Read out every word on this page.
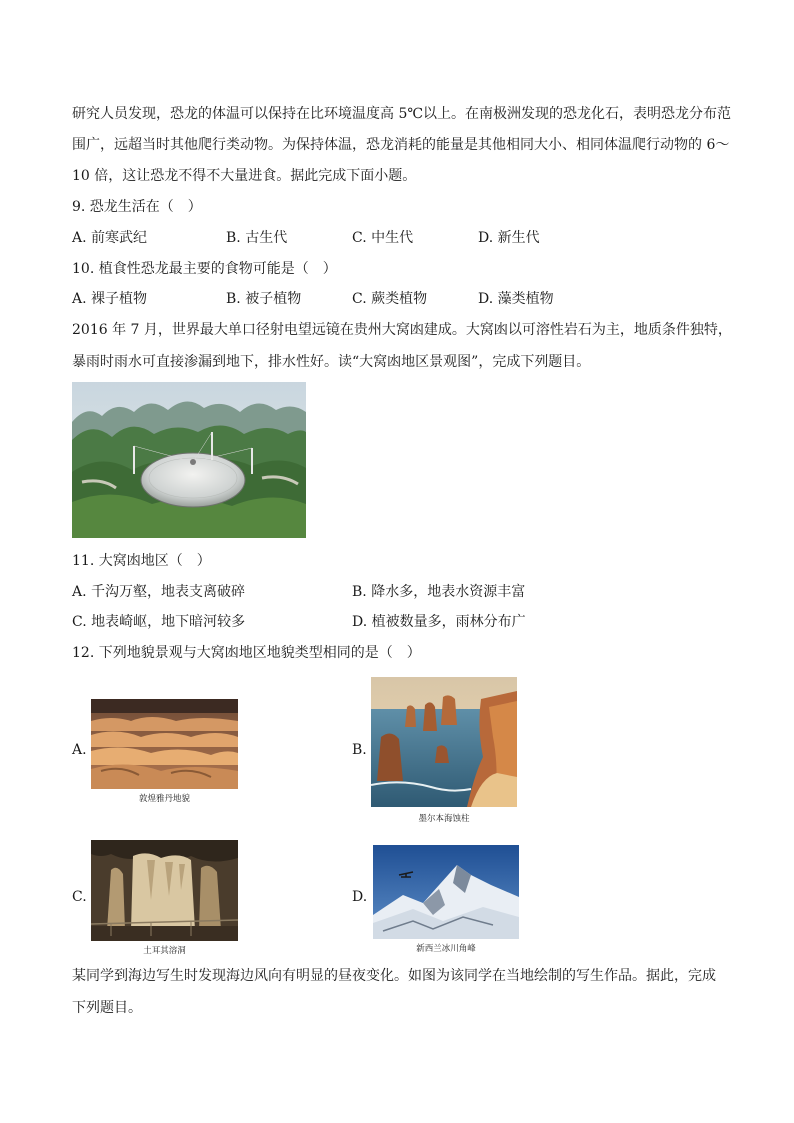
研究人员发现，恐龙的体温可以保持在比环境温度高 5℃以上。在南极洲发现的恐龙化石，表明恐龙分布范
围广，远超当时其他爬行类动物。为保持体温，恐龙消耗的能量是其他相同大小、相同体温爬行动物的 6～
10 倍，这让恐龙不得不大量进食。据此完成下面小题。
9. 恐龙生活在（　）
A. 前寒武纪	B. 古生代	C. 中生代	D. 新生代
10. 植食性恐龙最主要的食物可能是（　）
A. 裸子植物	B. 被子植物	C. 蕨类植物	D. 藻类植物
2016 年 7 月，世界最大单口径射电望远镜在贵州大窝凼建成。大窝凼以可溶性岩石为主，地质条件独特，
暴雨时雨水可直接渗漏到地下，排水性好。读“大窝凼地区景观图”，完成下列题目。
11. 大窝凼地区（　）
A. 千沟万壑，地表支离破碎	B. 降水多，地表水资源丰富
C. 地表崎岖，地下暗河较多	D. 植被数量多，雨林分布广
12. 下列地貌景观与大窝凼地区地貌类型相同的是（　）
A.
敦煌雅丹地貌
B.
墨尔本海蚀柱
C.
土耳其溶洞
D.
新西兰冰川角峰
某同学到海边写生时发现海边风向有明显的昼夜变化。如图为该同学在当地绘制的写生作品。据此，完成
下列题目。
